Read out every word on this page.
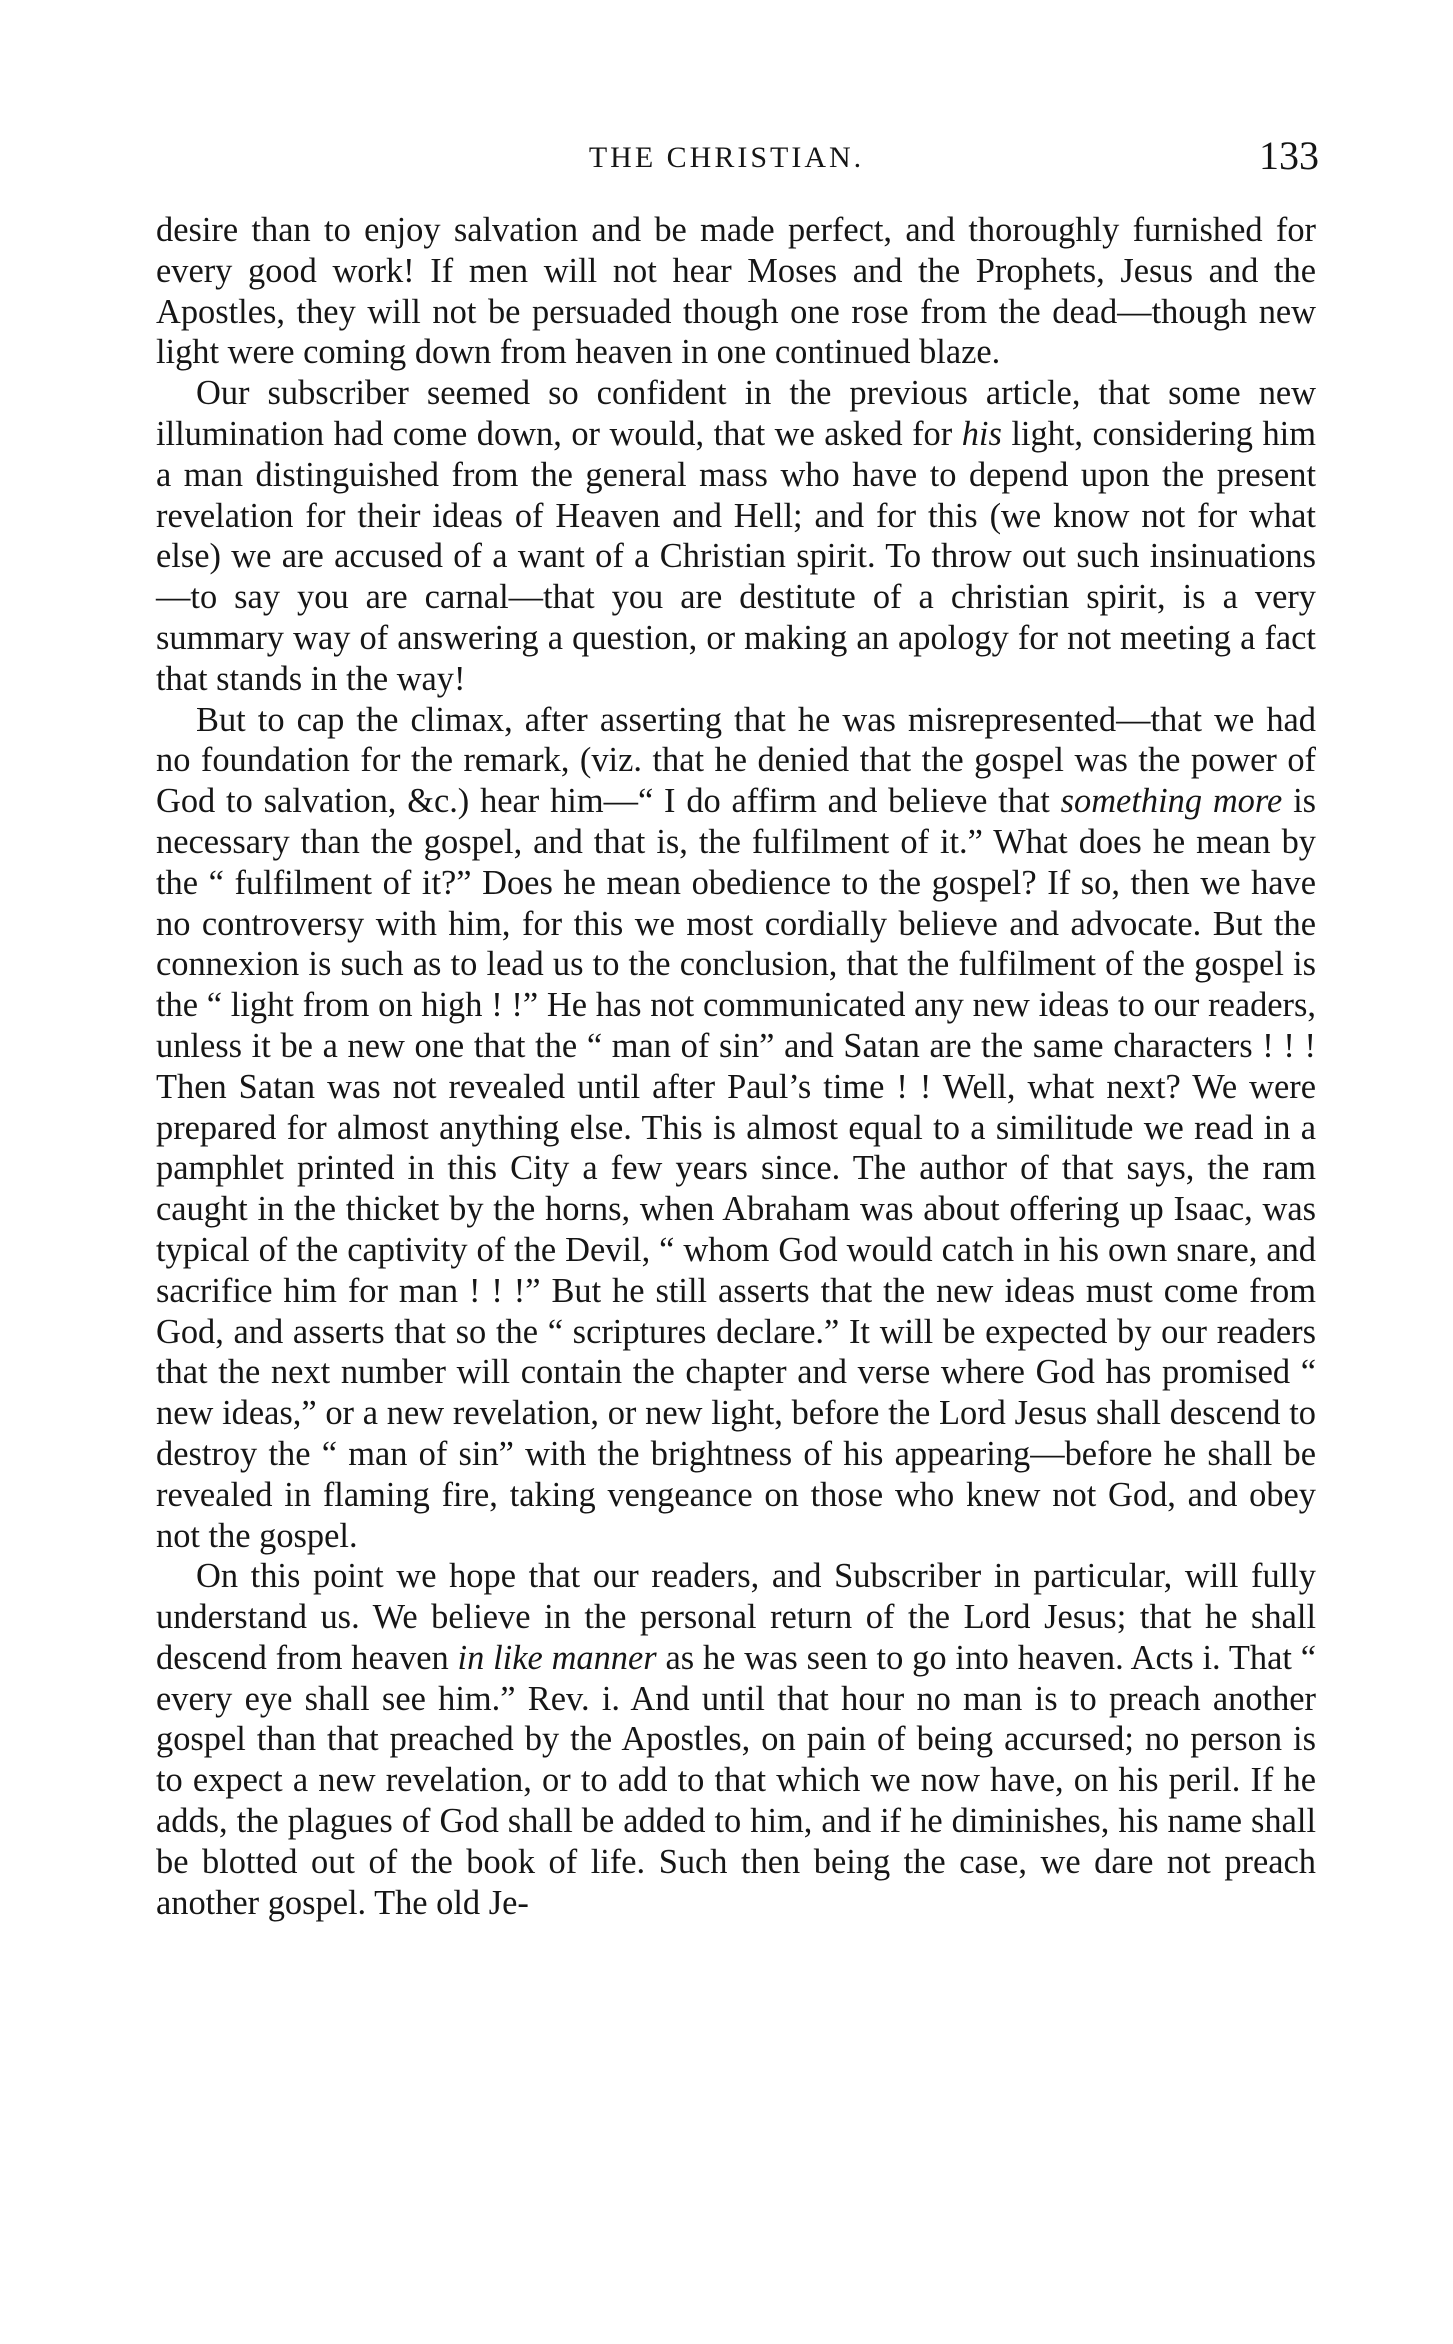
THE CHRISTIAN.	133

desire than to enjoy salvation and be made perfect, and thoroughly furnished for every good work! If men will not hear Moses and the Prophets, Jesus and the Apostles, they will not be persuaded though one rose from the dead—though new light were coming down from heaven in one continued blaze.

Our subscriber seemed so confident in the previous article, that some new illumination had come down, or would, that we asked for his light, considering him a man distinguished from the general mass who have to depend upon the present revelation for their ideas of Heaven and Hell; and for this (we know not for what else) we are accused of a want of a Christian spirit. To throw out such insinuations—to say you are carnal—that you are destitute of a christian spirit, is a very summary way of answering a question, or making an apology for not meeting a fact that stands in the way!

But to cap the climax, after asserting that he was misrepresented—that we had no foundation for the remark, (viz. that he denied that the gospel was the power of God to salvation, &c.) hear him—“ I do affirm and believe that something more is necessary than the gospel, and that is, the fulfilment of it.” What does he mean by the “ fulfilment of it?” Does he mean obedience to the gospel? If so, then we have no controversy with him, for this we most cordially believe and advocate. But the connexion is such as to lead us to the conclusion, that the fulfilment of the gospel is the “ light from on high ! !” He has not communicated any new ideas to our readers, unless it be a new one that the “ man of sin” and Satan are the same characters ! ! ! Then Satan was not revealed until after Paul’s time ! ! Well, what next? We were prepared for almost anything else. This is almost equal to a similitude we read in a pamphlet printed in this City a few years since. The author of that says, the ram caught in the thicket by the horns, when Abraham was about offering up Isaac, was typical of the captivity of the Devil, “ whom God would catch in his own snare, and sacrifice him for man ! ! !” But he still asserts that the new ideas must come from God, and asserts that so the “ scriptures declare.” It will be expected by our readers that the next number will contain the chapter and verse where God has promised “ new ideas,” or a new revelation, or new light, before the Lord Jesus shall descend to destroy the “ man of sin” with the brightness of his appearing—before he shall be revealed in flaming fire, taking vengeance on those who knew not God, and obey not the gospel.

On this point we hope that our readers, and Subscriber in particular, will fully understand us. We believe in the personal return of the Lord Jesus; that he shall descend from heaven in like manner as he was seen to go into heaven. Acts i. That “ every eye shall see him.” Rev. i. And until that hour no man is to preach another gospel than that preached by the Apostles, on pain of being accursed; no person is to expect a new revelation, or to add to that which we now have, on his peril. If he adds, the plagues of God shall be added to him, and if he diminishes, his name shall be blotted out of the book of life. Such then being the case, we dare not preach another gospel. The old Je-
